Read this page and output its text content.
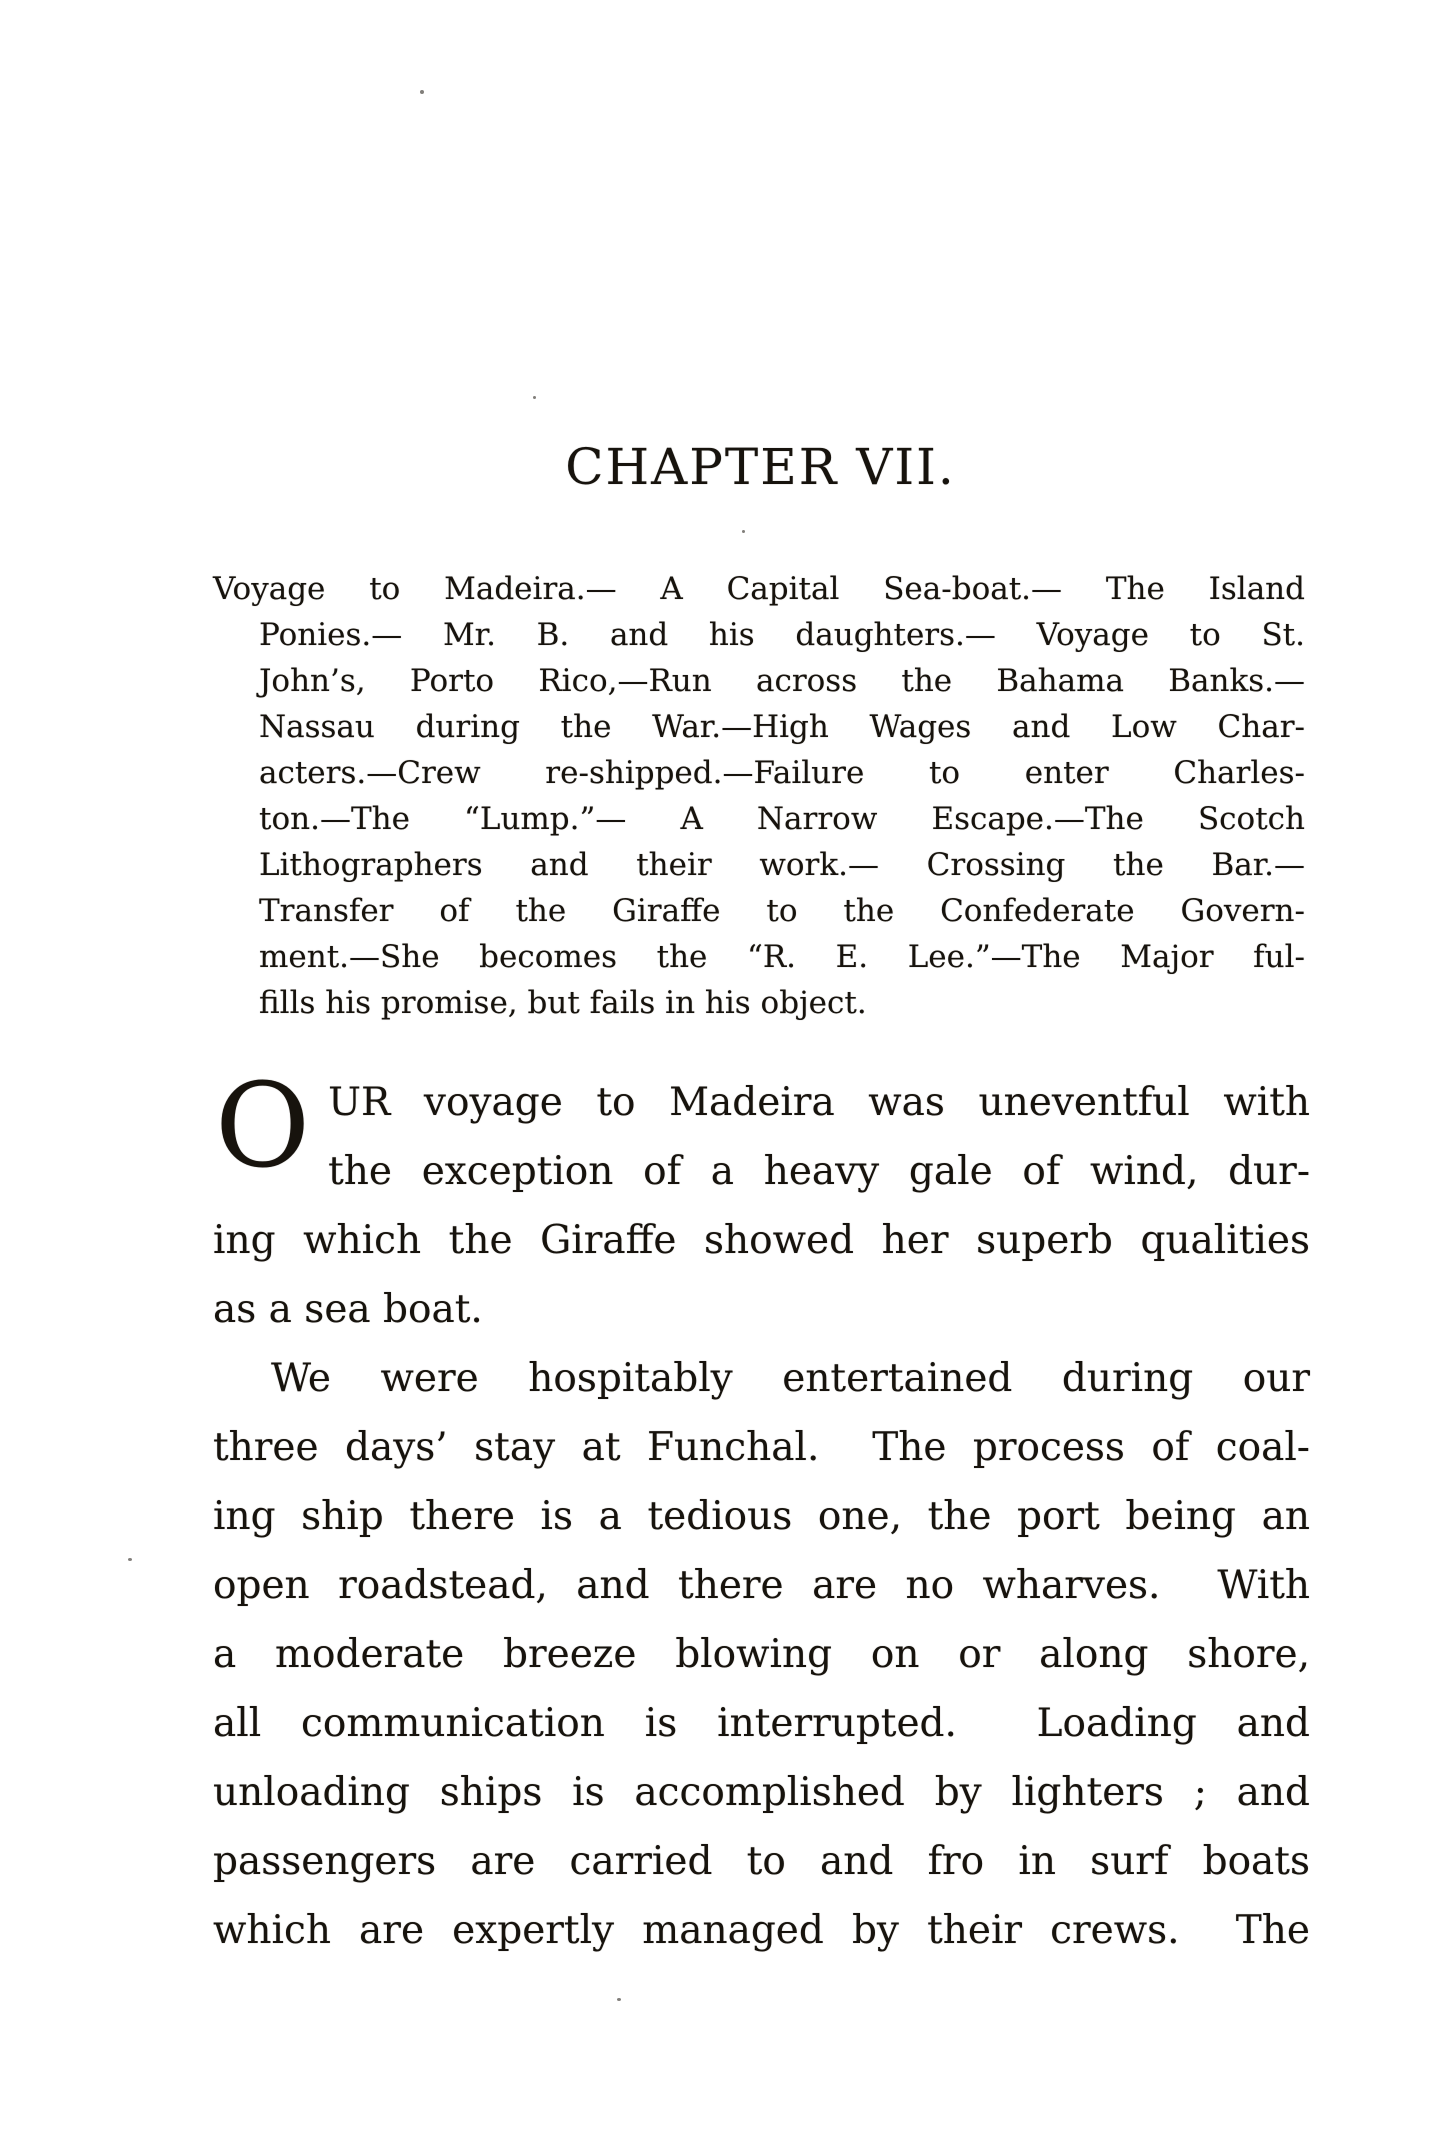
CHAPTER VII.
Voyage to Madeira.— A Capital Sea-boat.— The Island
Ponies.— Mr. B. and his daughters.— Voyage to St.
John’s, Porto Rico,—Run across the Bahama Banks.—
Nassau during the War.—High Wages and Low Char-
acters.—Crew re-shipped.—Failure to enter Charles-
ton.—The “Lump.”— A Narrow Escape.—The Scotch
Lithographers and their work.— Crossing the Bar.—
Transfer of the Giraffe to the Confederate Govern-
ment.—She becomes the “R. E. Lee.”—The Major ful-
fills his promise, but fails in his object.
O UR voyage to Madeira was uneventful with
the exception of a heavy gale of wind, dur-
ing which the Giraffe showed her superb qualities
as a sea boat.
We were hospitably entertained during our
three days’ stay at Funchal.  The process of coal-
ing ship there is a tedious one, the port being an
open roadstead, and there are no wharves.  With
a moderate breeze blowing on or along shore,
all communication is interrupted.  Loading and
unloading ships is accomplished by lighters ; and
passengers are carried to and fro in surf boats
which are expertly managed by their crews.  The
